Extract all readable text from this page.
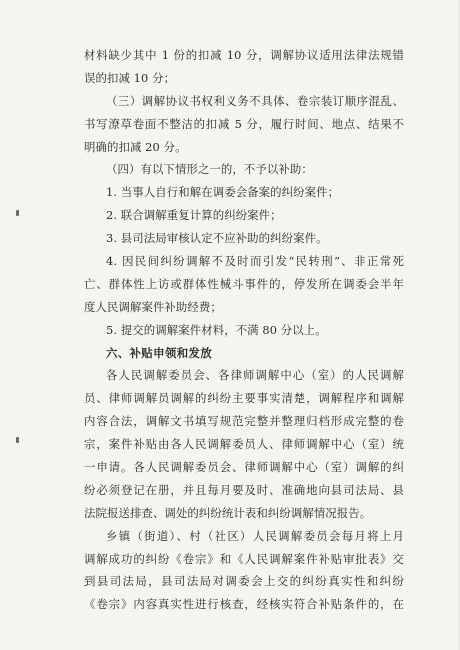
材料缺少其中 1 份的扣减 10 分，调解协议适用法律法规错
误的扣减 10 分；
（三）调解协议书权利义务不具体、卷宗装订顺序混乱、
书写潦草卷面不整洁的扣减 5 分，履行时间、地点、结果不
明确的扣减 20 分。
（四）有以下情形之一的，不予以补助：
1. 当事人自行和解在调委会备案的纠纷案件；
2. 联合调解重复计算的纠纷案件；
3. 县司法局审核认定不应补助的纠纷案件。
4. 因民间纠纷调解不及时而引发“民转刑”、非正常死
亡、群体性上访或群体性械斗事件的，停发所在调委会半年
度人民调解案件补助经费；
5. 提交的调解案件材料，不满 80 分以上。
六、补贴申领和发放
各人民调解委员会、各律师调解中心（室）的人民调解
员、律师调解员调解的纠纷主要事实清楚，调解程序和调解
内容合法，调解文书填写规范完整并整理归档形成完整的卷
宗，案件补贴由各人民调解委员人、律师调解中心（室）统
一申请。各人民调解委员会、律师调解中心（室）调解的纠
纷必须登记在册，并且每月要及时、准确地向县司法局、县
法院报送排查、调处的纠纷统计表和纠纷调解情况报告。
乡镇（街道）、村（社区）人民调解委员会每月将上月
调解成功的纠纷《卷宗》和《人民调解案件补贴审批表》交
到县司法局，县司法局对调委会上交的纠纷真实性和纠纷
《卷宗》内容真实性进行核查，经核实符合补贴条件的，在
